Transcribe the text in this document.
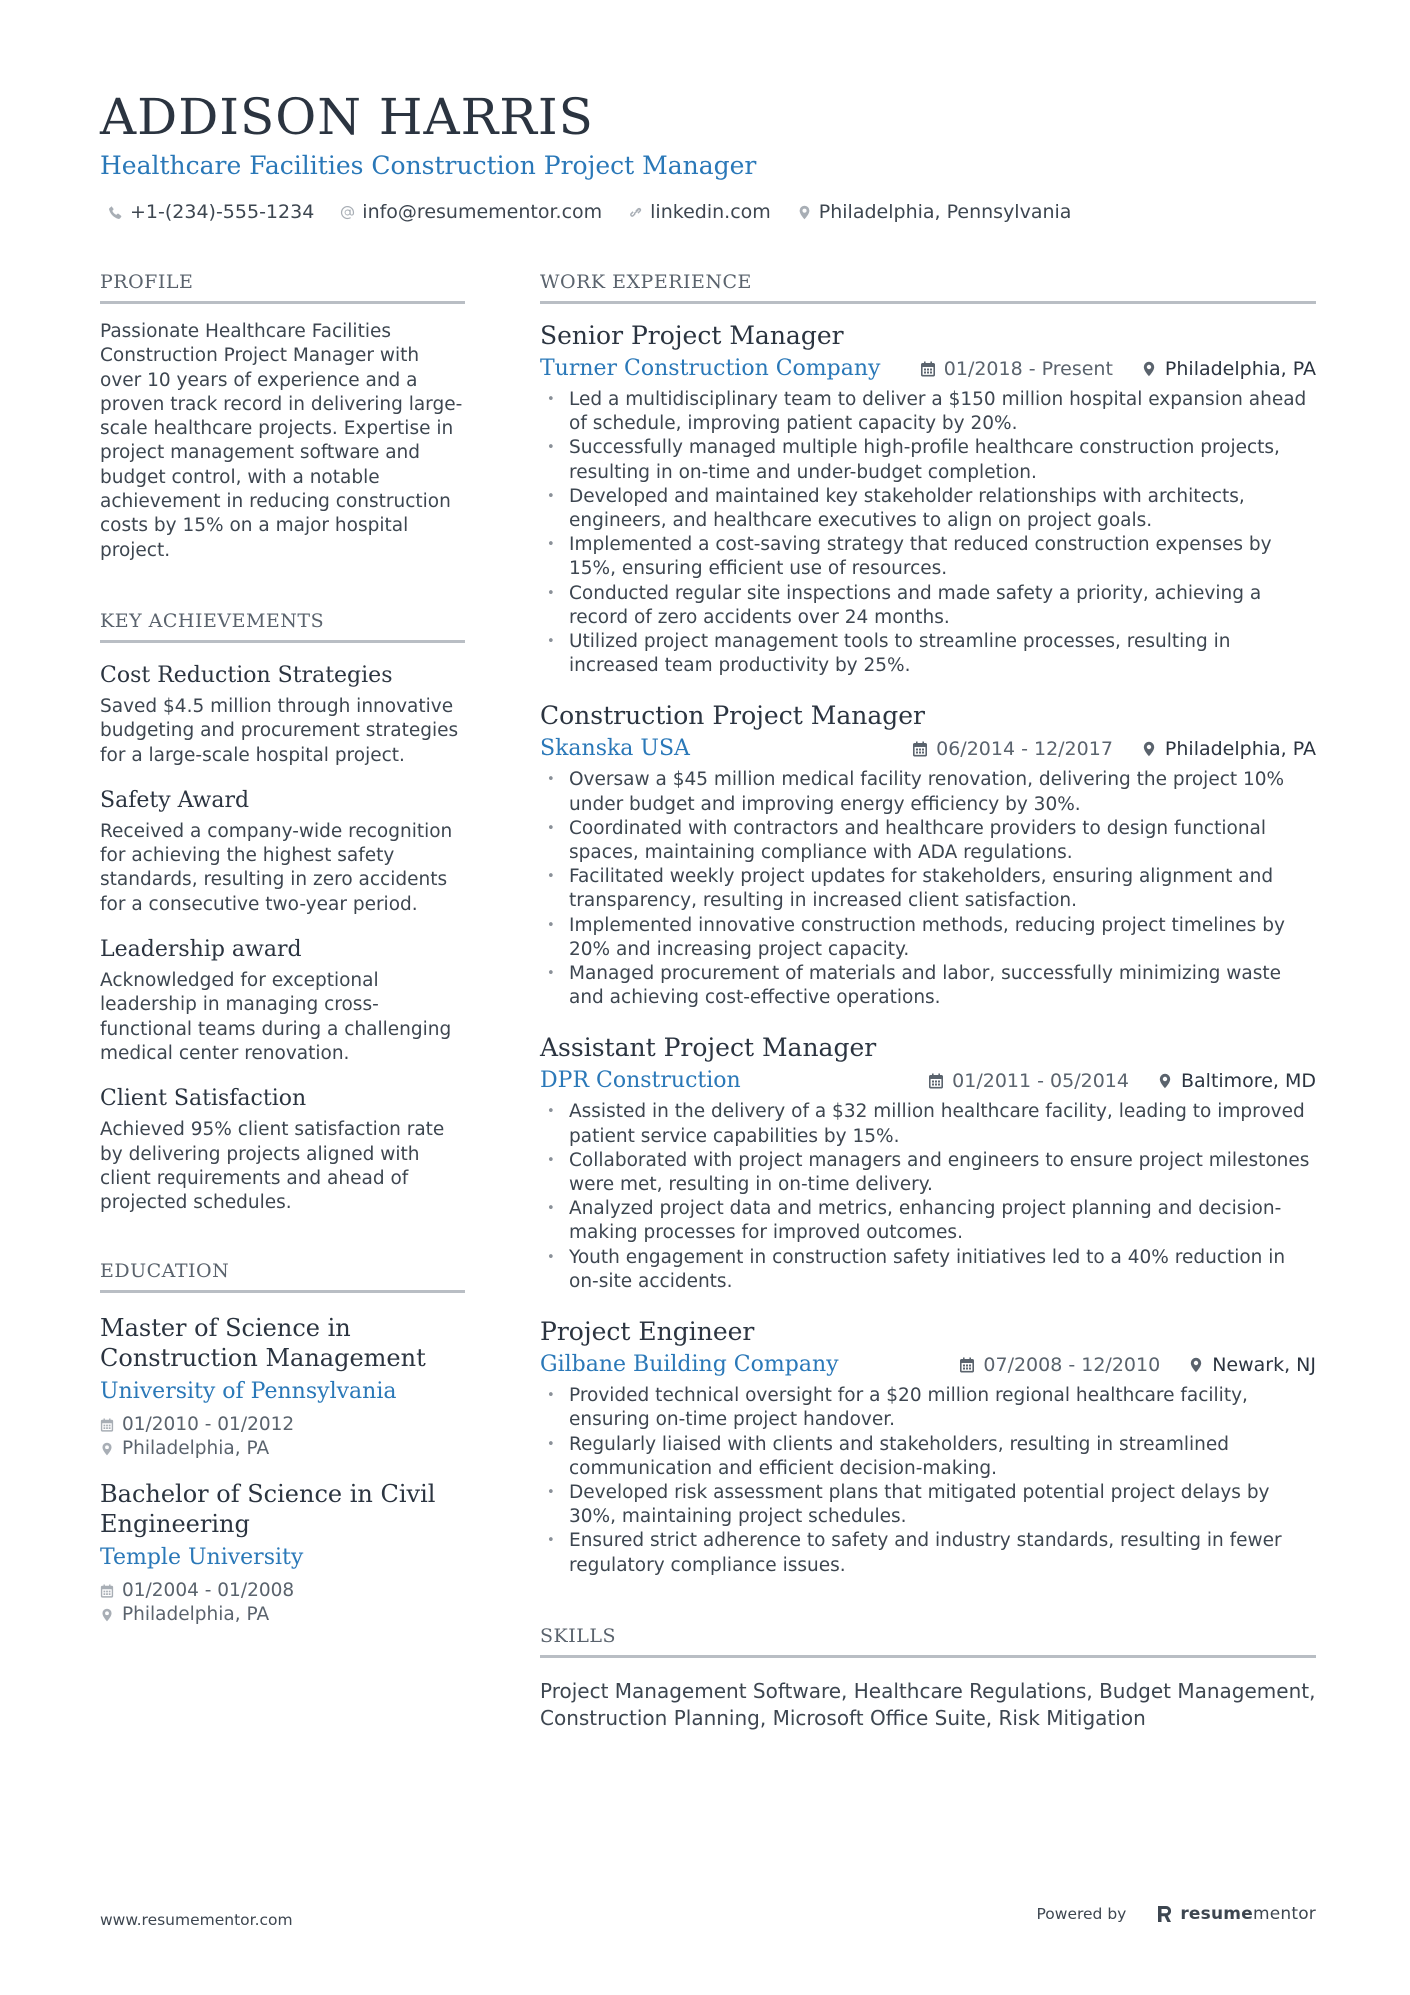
ADDISON HARRIS
Healthcare Facilities Construction Project Manager
+1-(234)-555-1234	info@resumementor.com	linkedin.com	Philadelphia, Pennsylvania
PROFILE
Passionate Healthcare Facilities Construction Project Manager with over 10 years of experience and a proven track record in delivering large-scale healthcare projects. Expertise in project management software and budget control, with a notable achievement in reducing construction costs by 15% on a major hospital project.
KEY ACHIEVEMENTS
Cost Reduction Strategies
Saved $4.5 million through innovative budgeting and procurement strategies for a large-scale hospital project.
Safety Award
Received a company-wide recognition for achieving the highest safety standards, resulting in zero accidents for a consecutive two-year period.
Leadership award
Acknowledged for exceptional leadership in managing cross-functional teams during a challenging medical center renovation.
Client Satisfaction
Achieved 95% client satisfaction rate by delivering projects aligned with client requirements and ahead of projected schedules.
EDUCATION
Master of Science in Construction Management
University of Pennsylvania
01/2010 - 01/2012
Philadelphia, PA
Bachelor of Science in Civil Engineering
Temple University
01/2004 - 01/2008
Philadelphia, PA
WORK EXPERIENCE
Senior Project Manager
Turner Construction Company	01/2018 - Present	Philadelphia, PA
• Led a multidisciplinary team to deliver a $150 million hospital expansion ahead of schedule, improving patient capacity by 20%.
• Successfully managed multiple high-profile healthcare construction projects, resulting in on-time and under-budget completion.
• Developed and maintained key stakeholder relationships with architects, engineers, and healthcare executives to align on project goals.
• Implemented a cost-saving strategy that reduced construction expenses by 15%, ensuring efficient use of resources.
• Conducted regular site inspections and made safety a priority, achieving a record of zero accidents over 24 months.
• Utilized project management tools to streamline processes, resulting in increased team productivity by 25%.
Construction Project Manager
Skanska USA	06/2014 - 12/2017	Philadelphia, PA
• Oversaw a $45 million medical facility renovation, delivering the project 10% under budget and improving energy efficiency by 30%.
• Coordinated with contractors and healthcare providers to design functional spaces, maintaining compliance with ADA regulations.
• Facilitated weekly project updates for stakeholders, ensuring alignment and transparency, resulting in increased client satisfaction.
• Implemented innovative construction methods, reducing project timelines by 20% and increasing project capacity.
• Managed procurement of materials and labor, successfully minimizing waste and achieving cost-effective operations.
Assistant Project Manager
DPR Construction	01/2011 - 05/2014	Baltimore, MD
• Assisted in the delivery of a $32 million healthcare facility, leading to improved patient service capabilities by 15%.
• Collaborated with project managers and engineers to ensure project milestones were met, resulting in on-time delivery.
• Analyzed project data and metrics, enhancing project planning and decision-making processes for improved outcomes.
• Youth engagement in construction safety initiatives led to a 40% reduction in on-site accidents.
Project Engineer
Gilbane Building Company	07/2008 - 12/2010	Newark, NJ
• Provided technical oversight for a $20 million regional healthcare facility, ensuring on-time project handover.
• Regularly liaised with clients and stakeholders, resulting in streamlined communication and efficient decision-making.
• Developed risk assessment plans that mitigated potential project delays by 30%, maintaining project schedules.
• Ensured strict adherence to safety and industry standards, resulting in fewer regulatory compliance issues.
SKILLS
Project Management Software, Healthcare Regulations, Budget Management, Construction Planning, Microsoft Office Suite, Risk Mitigation
www.resumementor.com	Powered by	resumementor
